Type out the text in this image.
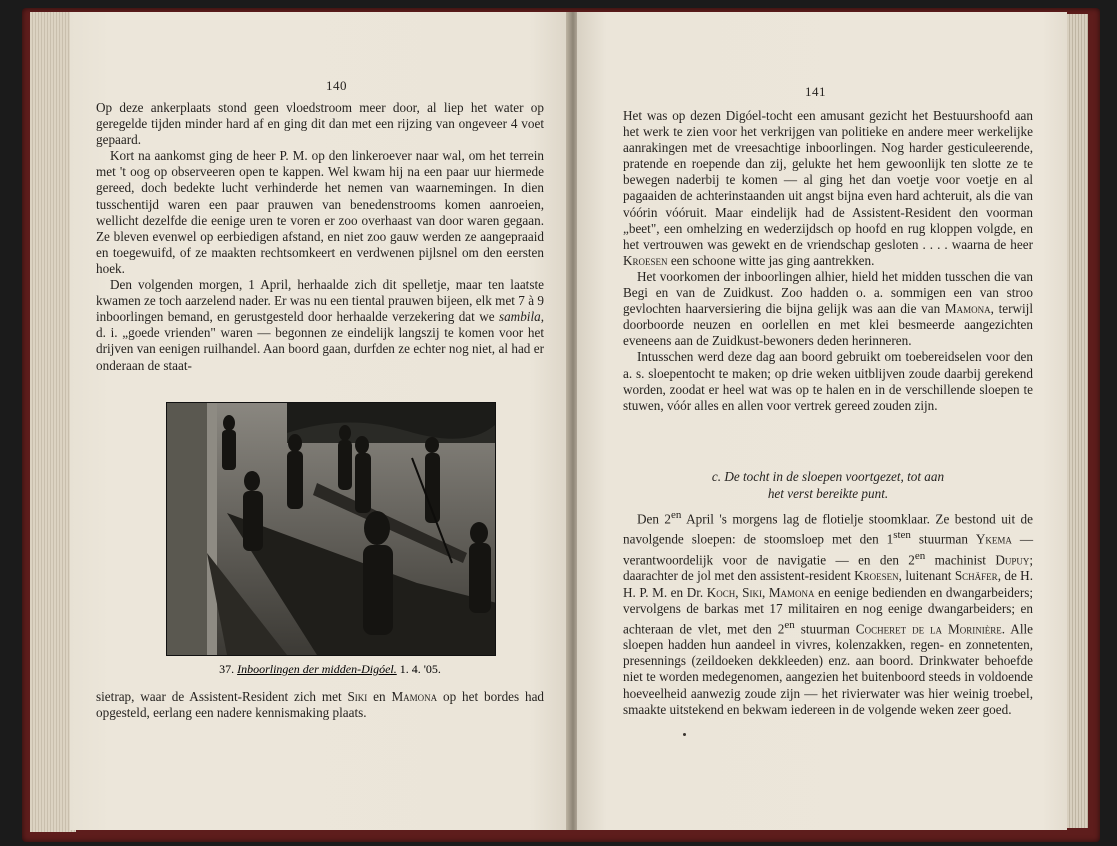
140

Op deze ankerplaats stond geen vloedstroom meer door, al liep het water op geregelde tijden minder hard af en ging dit dan met een rijzing van ongeveer 4 voet gepaard.

Kort na aankomst ging de heer P. M. op den linkeroever naar wal, om het terrein met 't oog op observeeren open te kappen. Wel kwam hij na een paar uur hiermede gereed, doch bedekte lucht verhinderde het nemen van waarnemingen. In dien tusschentijd waren een paar prauwen van benedenstrooms komen aanroeien, wellicht dezelfde die eenige uren te voren er zoo overhaast van door waren gegaan. Ze bleven evenwel op eerbiedigen afstand, en niet zoo gauw werden ze aangepraaid en toegewuifd, of ze maakten rechtsomkeert en verdwenen pijlsnel om den eersten hoek.

Den volgenden morgen, 1 April, herhaalde zich dit spelletje, maar ten laatste kwamen ze toch aarzelend nader. Er was nu een tiental prauwen bijeen, elk met 7 à 9 inboorlingen bemand, en gerustgesteld door herhaalde verzekering dat we sambila, d. i. „goede vrienden" waren — begonnen ze eindelijk langszij te komen voor het drijven van eenigen ruilhandel. Aan boord gaan, durfden ze echter nog niet, al had er onderaan de staat-

sietrap, waar de Assistent-Resident zich met Siki en Mamona op het bordes had opgesteld, eerlang een nadere kennismaking plaats.

37. Inboorlingen der midden-Digóel. 1. 4. '05.
141

Het was op dezen Digóel-tocht een amusant gezicht het Bestuurshoofd aan het werk te zien voor het verkrijgen van politieke en andere meer werkelijke aanrakingen met de vreesachtige inboorlingen. Nog harder gesticuleerende, pratende en roepende dan zij, gelukte het hem gewoonlijk ten slotte ze te bewegen naderbij te komen — al ging het dan voetje voor voetje en al pagaaiden de achterinstaanden uit angst bijna even hard achteruit, als die van vóórin vóóruit. Maar eindelijk had de Assistent-Resident den voorman „beet", een omhelzing en wederzijdsch op hoofd en rug kloppen volgde, en het vertrouwen was gewekt en de vriendschap gesloten . . . . waarna de heer Kroesen een schoone witte jas ging aantrekken.

Het voorkomen der inboorlingen alhier, hield het midden tusschen die van Begi en van de Zuidkust. Zoo hadden o. a. sommigen een van stroo gevlochten haarversiering die bijna gelijk was aan die van Mamona, terwijl doorboorde neuzen en oorlellen en met klei besmeerde aangezichten eveneens aan de Zuidkust-bewoners deden herinneren.

Intusschen werd deze dag aan boord gebruikt om toebereidselen voor den a. s. sloepentocht te maken; op drie weken uitblijven zoude daarbij gerekend worden, zoodat er heel wat was op te halen en in de verschillende sloepen te stuwen, vóór alles en allen voor vertrek gereed zouden zijn.

c. De tocht in de sloepen voortgezet, tot aan
het verst bereikte punt.

Den $2^{en}$ April 's morgens lag de flotielje stoomklaar. Ze bestond uit de navolgende sloepen: de stoomsloep met den $1^{sten}$ stuurman Ykema — verantwoordelijk voor de navigatie — en den $2^{en}$ machinist Dupuy; daarachter de jol met den assistent-resident Kroesen, luitenant Schäfer, de H. H. P. M. en Dr. Koch, Siki, Mamona en eenige bedienden en dwangarbeiders; vervolgens de barkas met 17 militairen en nog eenige dwangarbeiders; en achteraan de vlet, met den $2^{en}$ stuurman Cocheret de la Morinière. Alle sloepen hadden hun aandeel in vivres, kolenzakken, regen- en zonnetenten, presennings (zeildoeken dekkleeden) enz. aan boord. Drinkwater behoefde niet te worden medegenomen, aangezien het buitenboord steeds in voldoende hoeveelheid aanwezig zoude zijn — het rivierwater was hier weinig troebel, smaakte uitstekend en bekwam iedereen in de volgende weken zeer goed.
